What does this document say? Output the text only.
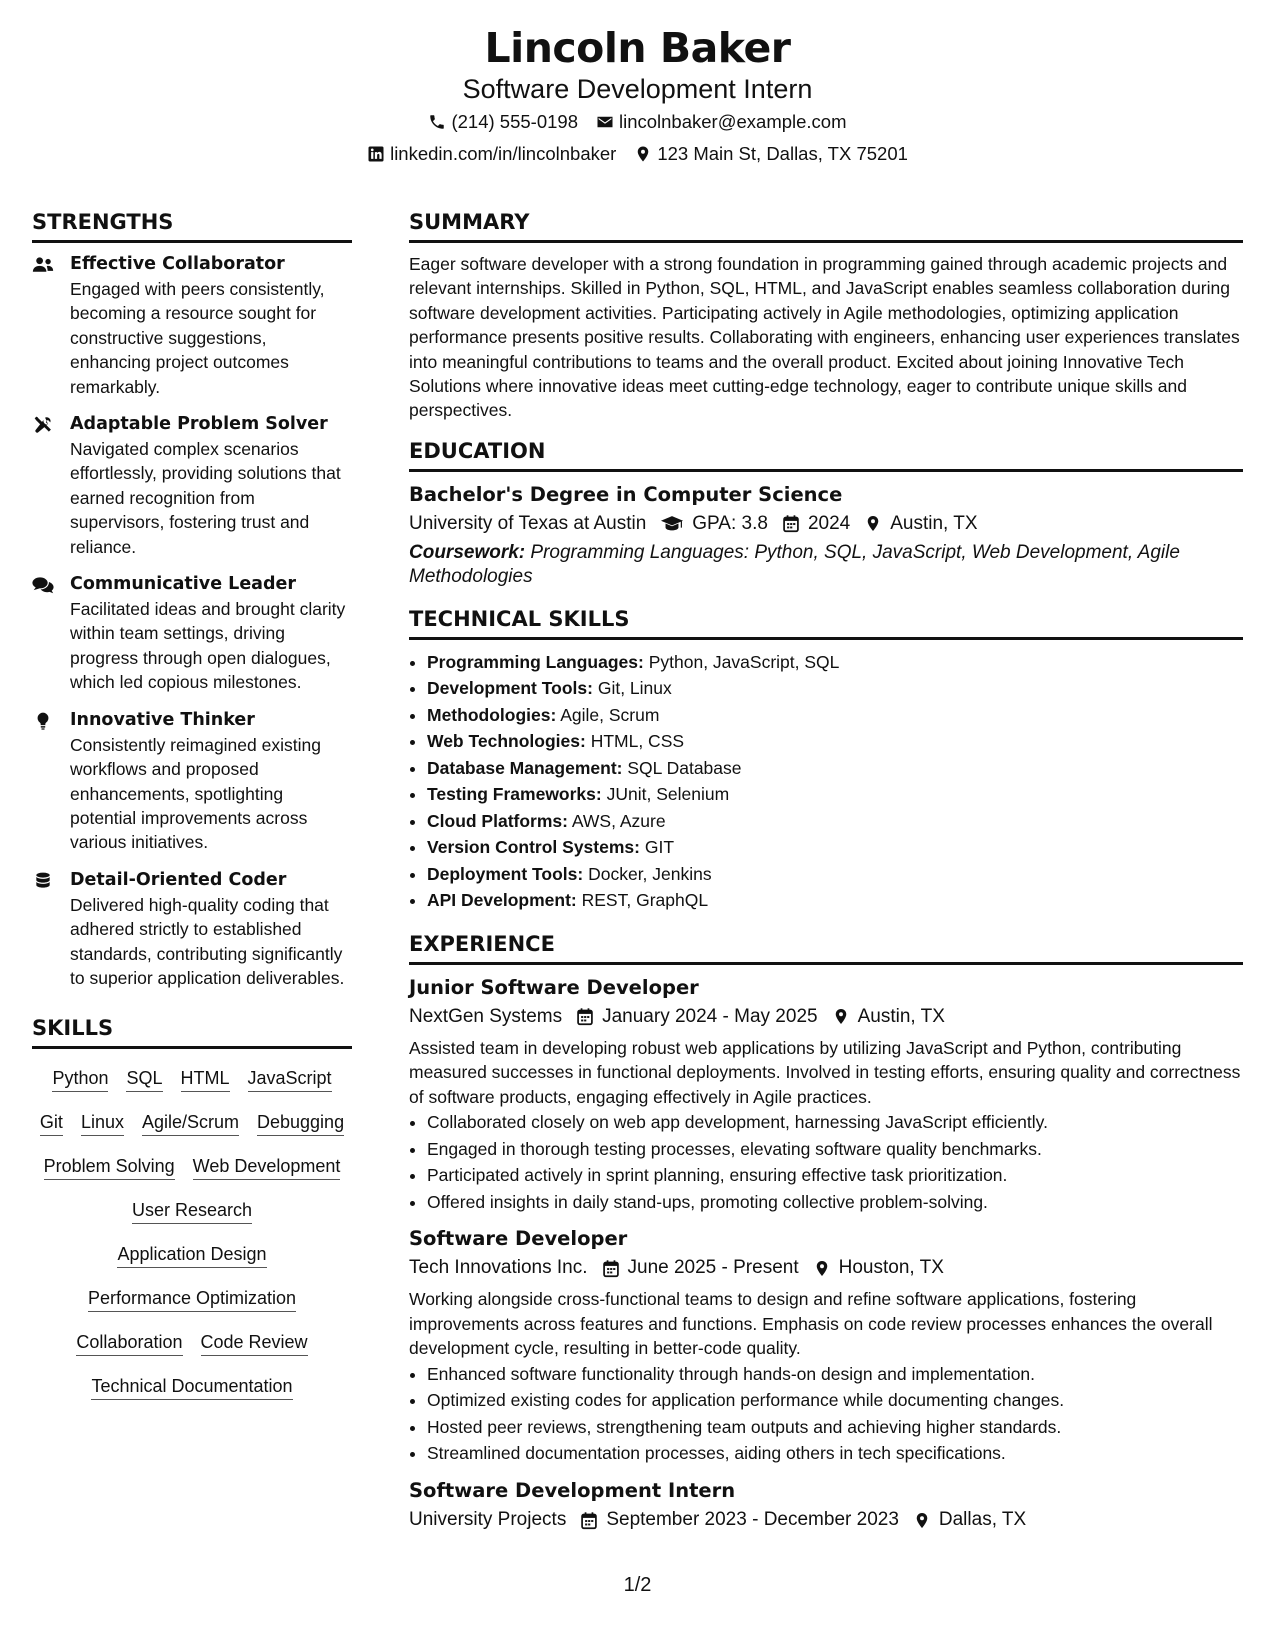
Lincoln Baker
Software Development Intern
(214) 555-0198 lincolnbaker@example.com
linkedin.com/in/lincolnbaker 123 Main St, Dallas, TX 75201
STRENGTHS
Effective Collaborator
Engaged with peers consistently, becoming a resource sought for constructive suggestions, enhancing project outcomes remarkably.
Adaptable Problem Solver
Navigated complex scenarios effortlessly, providing solutions that earned recognition from supervisors, fostering trust and reliance.
Communicative Leader
Facilitated ideas and brought clarity within team settings, driving progress through open dialogues, which led copious milestones.
Innovative Thinker
Consistently reimagined existing workflows and proposed enhancements, spotlighting potential improvements across various initiatives.
Detail-Oriented Coder
Delivered high-quality coding that adhered strictly to established standards, contributing significantly to superior application deliverables.
SKILLS
Python SQL HTML JavaScript
Git Linux Agile/Scrum Debugging
Problem Solving Web Development
User Research
Application Design
Performance Optimization
Collaboration Code Review
Technical Documentation
SUMMARY
Eager software developer with a strong foundation in programming gained through academic projects and relevant internships. Skilled in Python, SQL, HTML, and JavaScript enables seamless collaboration during software development activities. Participating actively in Agile methodologies, optimizing application performance presents positive results. Collaborating with engineers, enhancing user experiences translates into meaningful contributions to teams and the overall product. Excited about joining Innovative Tech Solutions where innovative ideas meet cutting-edge technology, eager to contribute unique skills and perspectives.
EDUCATION
Bachelor's Degree in Computer Science
University of Texas at Austin GPA: 3.8 2024 Austin, TX
Coursework: Programming Languages: Python, SQL, JavaScript, Web Development, Agile Methodologies
TECHNICAL SKILLS
• Programming Languages: Python, JavaScript, SQL
• Development Tools: Git, Linux
• Methodologies: Agile, Scrum
• Web Technologies: HTML, CSS
• Database Management: SQL Database
• Testing Frameworks: JUnit, Selenium
• Cloud Platforms: AWS, Azure
• Version Control Systems: GIT
• Deployment Tools: Docker, Jenkins
• API Development: REST, GraphQL
EXPERIENCE
Junior Software Developer
NextGen Systems January 2024 - May 2025 Austin, TX
Assisted team in developing robust web applications by utilizing JavaScript and Python, contributing measured successes in functional deployments. Involved in testing efforts, ensuring quality and correctness of software products, engaging effectively in Agile practices.
• Collaborated closely on web app development, harnessing JavaScript efficiently.
• Engaged in thorough testing processes, elevating software quality benchmarks.
• Participated actively in sprint planning, ensuring effective task prioritization.
• Offered insights in daily stand-ups, promoting collective problem-solving.
Software Developer
Tech Innovations Inc. June 2025 - Present Houston, TX
Working alongside cross-functional teams to design and refine software applications, fostering improvements across features and functions. Emphasis on code review processes enhances the overall development cycle, resulting in better-code quality.
• Enhanced software functionality through hands-on design and implementation.
• Optimized existing codes for application performance while documenting changes.
• Hosted peer reviews, strengthening team outputs and achieving higher standards.
• Streamlined documentation processes, aiding others in tech specifications.
Software Development Intern
University Projects September 2023 - December 2023 Dallas, TX
1/2
